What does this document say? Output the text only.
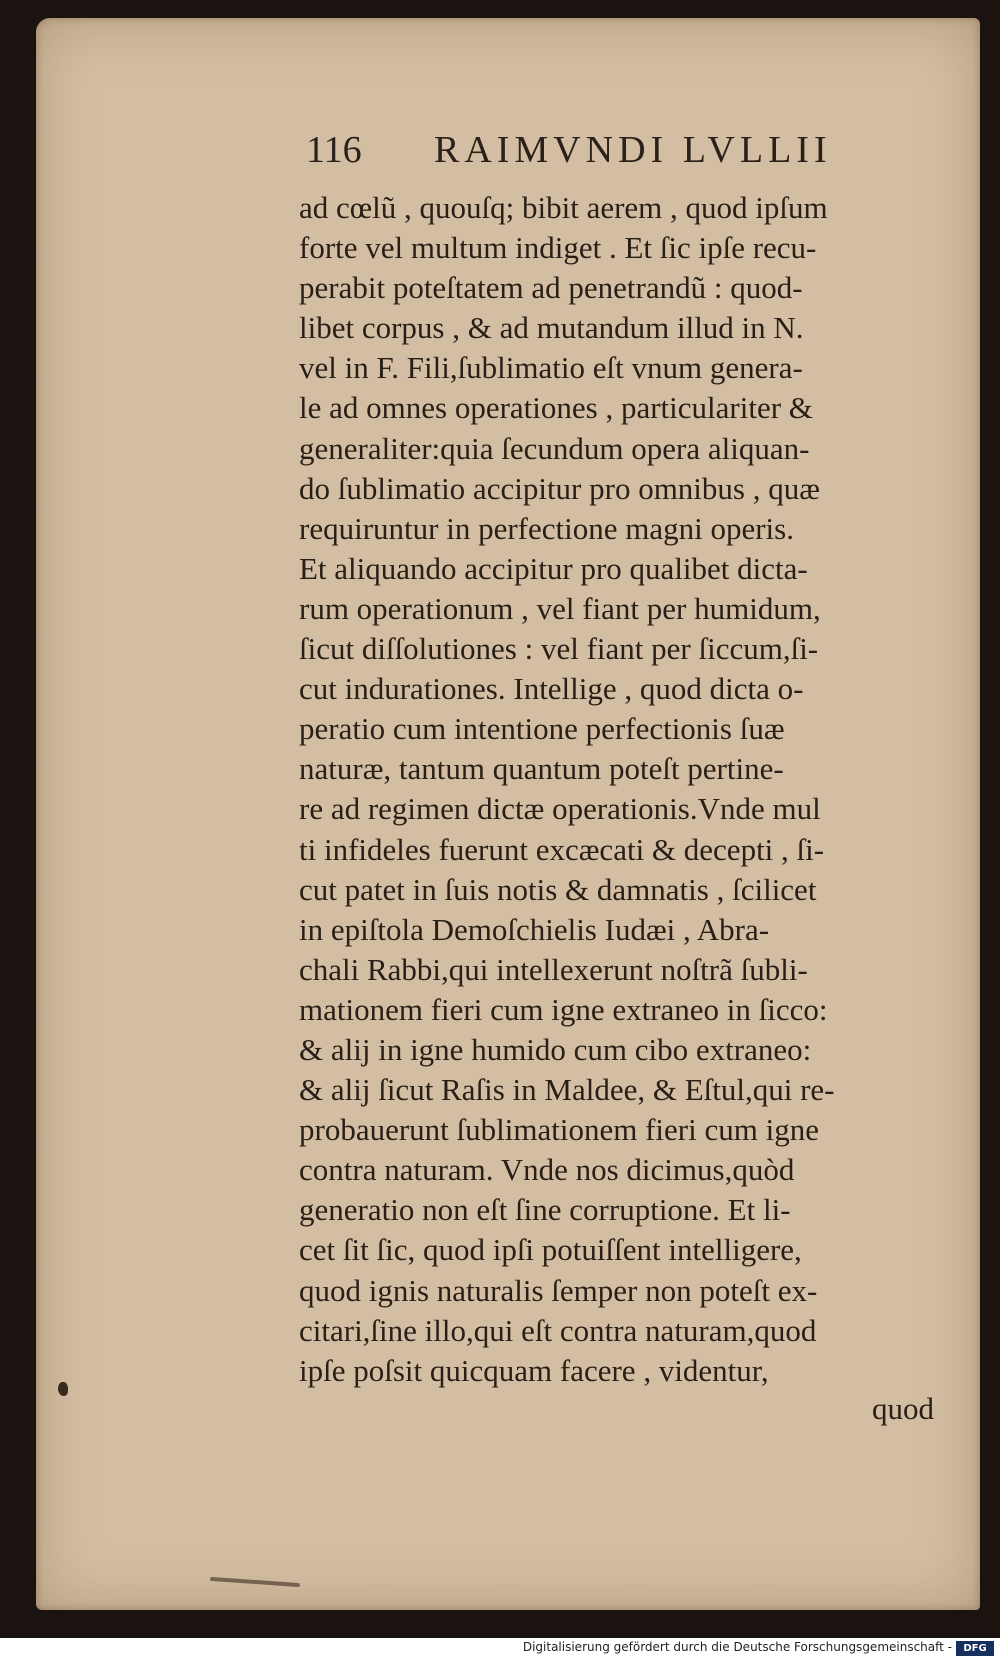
116 RAIMVNDI LVLLII
ad cœlũ , quouſq; bibit aerem , quod ipſum
forte vel multum indiget . Et ſic ipſe recu-
perabit poteſtatem ad penetrandũ : quod-
libet corpus , & ad mutandum illud in N.
vel in F. Fili,ſublimatio eſt vnum genera-
le ad omnes operationes , particulariter &
generaliter:quia ſecundum opera aliquan-
do ſublimatio accipitur pro omnibus , quæ
requiruntur in perfectione magni operis.
Et aliquando accipitur pro qualibet dicta-
rum operationum , vel fiant per humidum,
ſicut diſſolutiones : vel fiant per ſiccum,ſi-
cut indurationes. Intellige , quod dicta o-
peratio cum intentione perfectionis ſuæ
naturæ, tantum quantum poteſt pertine-
re ad regimen dictæ operationis.Vnde mul
ti infideles fuerunt excæcati & decepti , ſi-
cut patet in ſuis notis & damnatis , ſcilicet
in epiſtola Demoſchielis Iudæi , Abra-
chali Rabbi,qui intellexerunt noſtrã ſubli-
mationem fieri cum igne extraneo in ſicco:
& alij in igne humido cum cibo extraneo:
& alij ſicut Raſis in Maldee, & Eſtul,qui re-
probauerunt ſublimationem fieri cum igne
contra naturam. Vnde nos dicimus,quòd
generatio non eſt ſine corruptione. Et li-
cet ſit ſic, quod ipſi potuiſſent intelligere,
quod ignis naturalis ſemper non poteſt ex-
citari,ſine illo,qui eſt contra naturam,quod
ipſe poſsit quicquam facere , videntur,
quod
Digitalisierung gefördert durch die Deutsche Forschungsgemeinschaft -	DFG
